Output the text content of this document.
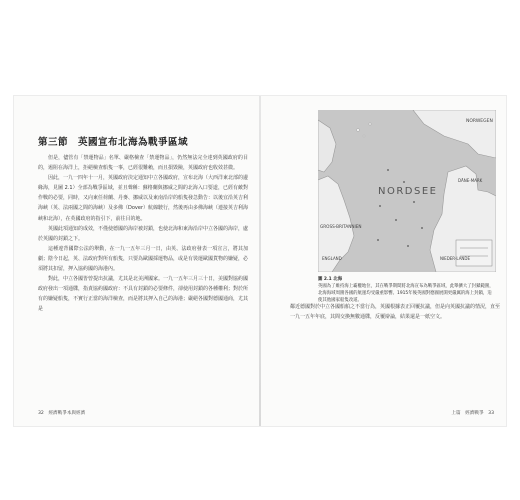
第三節　英國宣布北海為戰爭區域

但是，儘管有「禁運物品」名單、嚴格檢查「禁運物品」，仍然無法完全達到英國政府的目的，遏阻在海洋上，拒絕檢查船隻一事，已經很難賴，而且損毀險，英國政府也收效甚微。

因此，一九一四年十一月，英國政府決定通知中立各國政府，宣布北海（大西洋東北部的邊緣海，見圖 2.1）全部為戰爭區域，並且聲稱：蘇格蘭與挪威之間的北海入口要道，已經有敵對作戰的必要，同時，又向東任荷蘭、丹麥、挪威以及東南沿岸的船隻發急動告：以後宜沿英吉利海峽（英、法兩國之間的海峽）及多佛（Dover）航線駛行，然後再由多佛海峽（連接英吉利海峽和北海），在英國政府的指引下，前往目的地。

英國此項通知的成效，不僅使德國的海岸被封鎖，也使北海和東海沿岸中立各國的海岸，處於英國的封鎖之下。

這種違背國際公法的舉動，在一九一五年三月一日，由英、法政府發表一項宣言，將其加劇；陰今日起，英、法政府對所有船隻，只要為歐國採運物品，或是有裝運歐國貨物的嫌疑，必須將其扣留，押入協約國的海港內。

對此，中立各國皆曾提出抗議，尤其是北美洲國家。一九一五年三月三十日，美國對協約國政府發出一項通牒，指責協約國政府：不具有封鎖的必要條件，卻使用封鎖的各種權利；對於所有的嫌疑船隻，不實行正當的海洋檢查，而是將其押入自己的海港；嚴絕各國對德國通商，尤其是

32　經濟戰爭本與經濟
NORWEGEN
NORDSEE
GROSS-BRITANNIEN
DÄNE-MARK
NIEDER-LANDE
ENGLAND
圖 2.1 北海
英國為了維持海上霸權地位，其在戰爭期間將北海宣布為戰爭區域，此舉擴大了封鎖範圍，北海海域周圍各國的航運均受嚴重影響。1915年後英國對德國展開更嚴厲的海上封鎖，迫使其他國家船隻改道。

鄰近德國對於中立各國船舶之不當行為，英國根據表正回覆抗議，但是向英國抗議的情況，直至一九一五年年底，其間交換無數通牒，反覆辯論，結果還是一紙空文。

上篇　經濟戰爭　33
